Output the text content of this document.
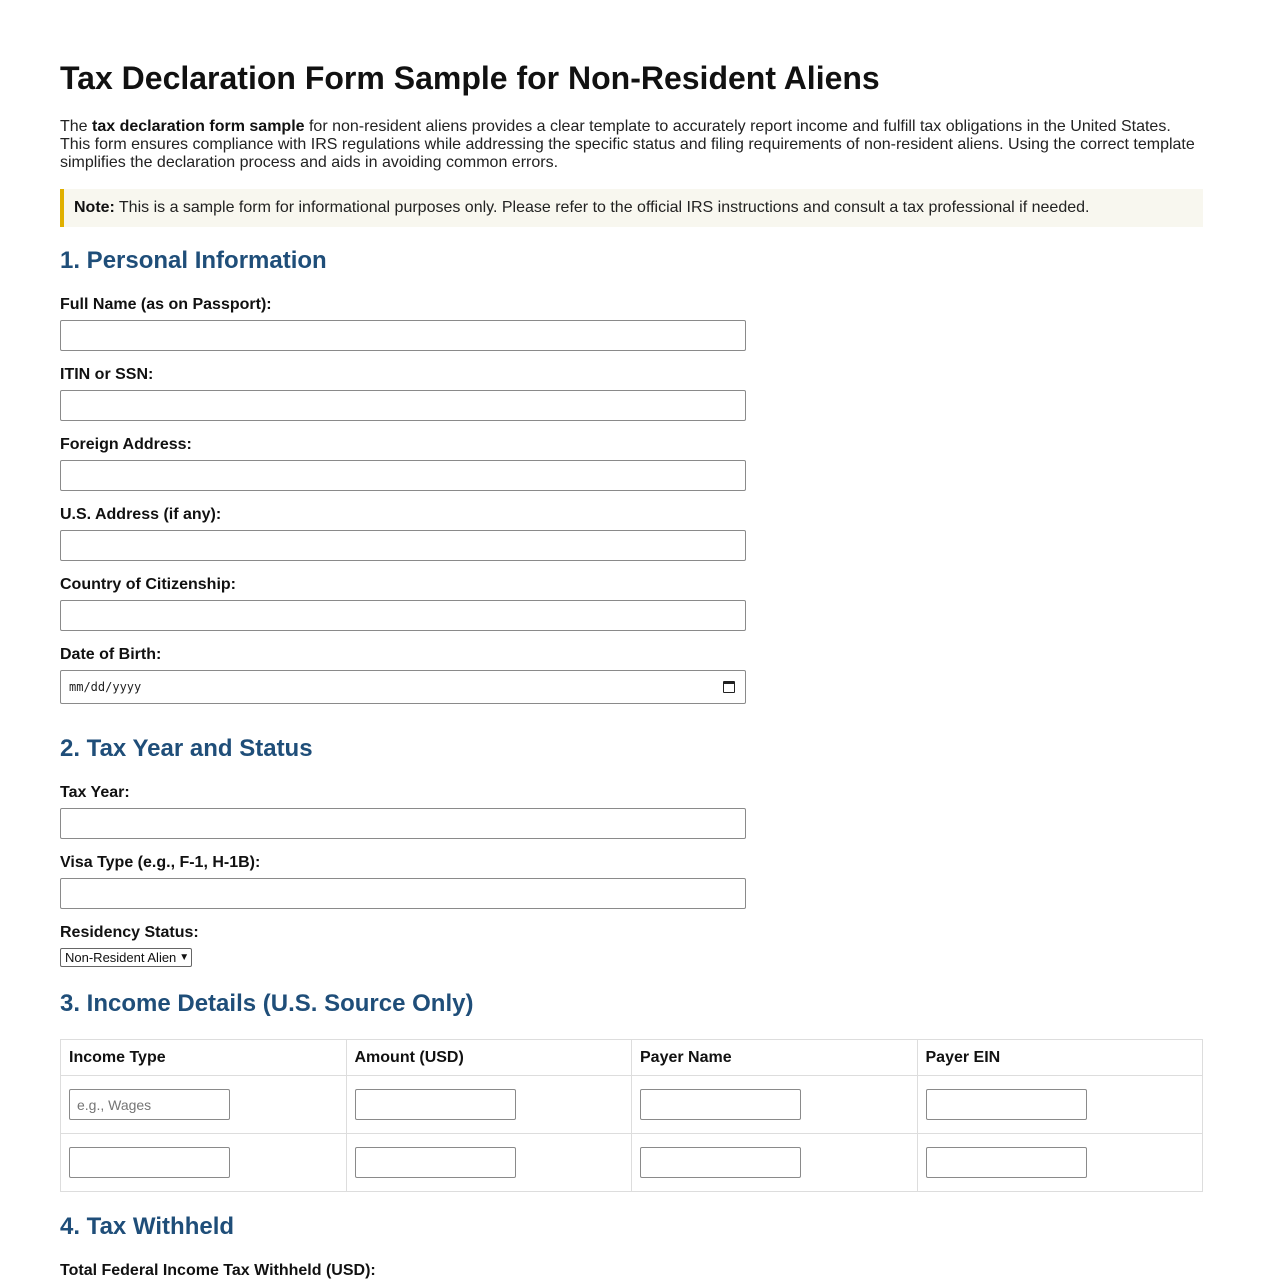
Tax Declaration Form Sample for Non-Resident Aliens

The tax declaration form sample for non-resident aliens provides a clear template to accurately report income and fulfill tax obligations in the United States. This form ensures compliance with IRS regulations while addressing the specific status and filing requirements of non-resident aliens. Using the correct template simplifies the declaration process and aids in avoiding common errors.

Note: This is a sample form for informational purposes only. Please refer to the official IRS instructions and consult a tax professional if needed.
1. Personal Information
Full Name (as on Passport):
ITIN or SSN:
Foreign Address:
U.S. Address (if any):
Country of Citizenship:
Date of Birth:
mm/dd/yyyy
2. Tax Year and Status
Tax Year:
Visa Type (e.g., F-1, H-1B):
Residency Status:
Non-Resident Alien ▼
3. Income Details (U.S. Source Only)
Income Type	Amount (USD)	Payer Name	Payer EIN

e.g., Wages			

4. Tax Withheld
Total Federal Income Tax Withheld (USD):
